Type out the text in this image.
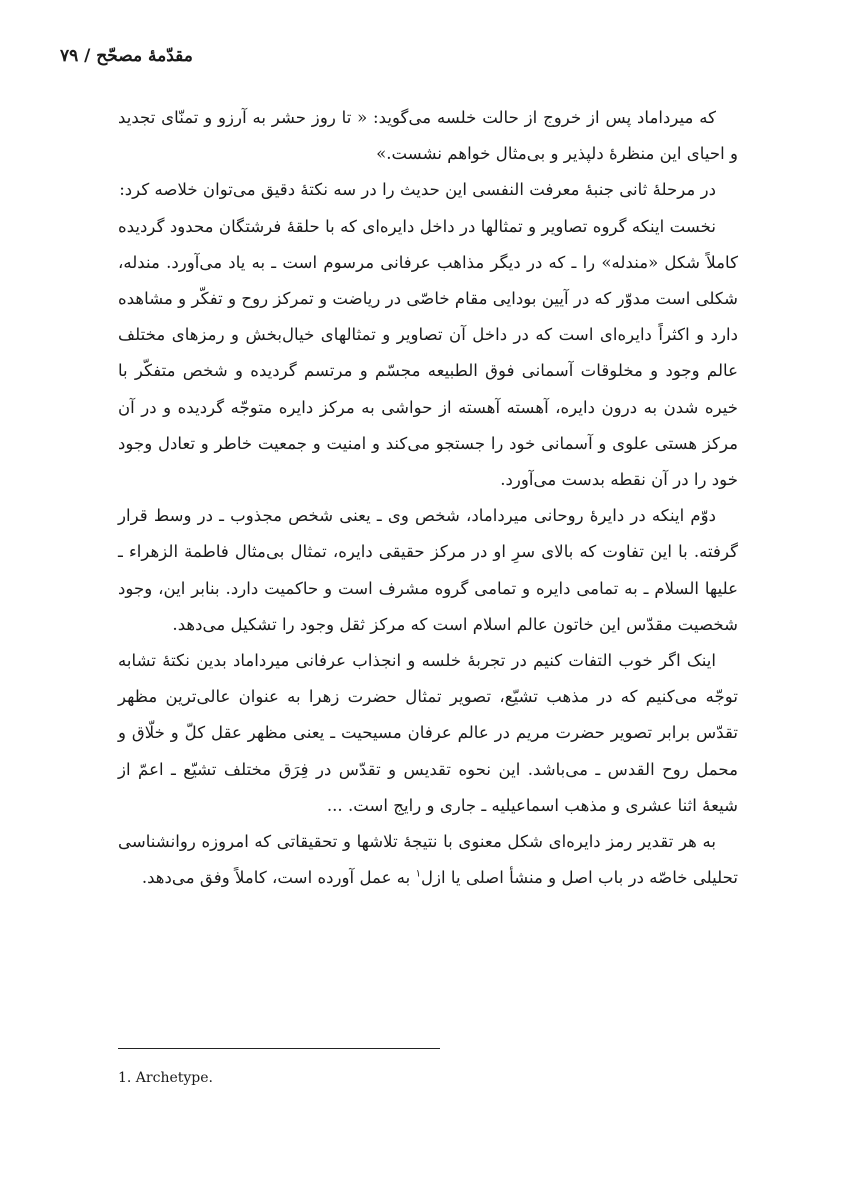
مقدّمهٔ مصحّح / ۷۹

که میرداماد پس از خروج از حالت خلسه می‌گوید: « تا روز حشر به آرزو و تمنّای تجدید و احیای این منظرهٔ دلپذیر و بی‌مثال خواهم نشست.»

در مرحلهٔ ثانی جنبهٔ معرفت النفسی این حدیث را در سه نکتهٔ دقیق می‌توان خلاصه کرد:

نخست اینکه گروه تصاویر و تمثالها در داخل دایره‌ای که با حلقهٔ فرشتگان محدود گردیده کاملاً شکل «مندله» را ـ که در دیگر مذاهب عرفانی مرسوم است ـ به یاد می‌آورد. مندله، شکلی است مدوّر که در آیین بودایی مقام خاصّی در ریاضت و تمرکز روح و تفکّر و مشاهده دارد و اکثراً دایره‌ای است که در داخل آن تصاویر و تمثالهای خیال‌بخش و رمزهای مختلف عالم وجود و مخلوقات آسمانی فوق الطبیعه مجسّم و مرتسم گردیده و شخص متفکّر با خیره شدن به درون دایره، آهسته آهسته از حواشی به مرکز دایره متوجّه گردیده و در آن مرکز هستی علوی و آسمانی خود را جستجو می‌کند و امنیت و جمعیت خاطر و تعادل وجود خود را در آن نقطه بدست می‌آورد.

دوّم اینکه در دایرهٔ روحانی میرداماد، شخص وی ـ یعنی شخص مجذوب ـ در وسط قرار گرفته. با این تفاوت که بالای سرِ او در مرکز حقیقی دایره، تمثال بی‌مثال فاطمة الزهراء ـ علیها السلام ـ به تمامی دایره و تمامی گروه مشرف است و حاکمیت دارد. بنابر این، وجود شخصیت مقدّس این خاتون عالم اسلام است که مرکز ثقل وجود را تشکیل می‌دهد.

اینک اگر خوب التفات کنیم در تجربهٔ خلسه و انجذاب عرفانی میرداماد بدین نکتهٔ تشابه توجّه می‌کنیم که در مذهب تشیّع، تصویر تمثال حضرت زهرا به عنوان عالی‌ترین مظهر تقدّس برابر تصویر حضرت مریم در عالم عرفان مسیحیت ـ یعنی مظهر عقل کلّ و خلّاق و محمل روح القدس ـ می‌باشد. این نحوه تقدیس و تقدّس در فِرَق مختلف تشیّع ـ اعمّ از شیعهٔ اثنا عشری و مذهب اسماعیلیه ـ جاری و رایج است. ...

به هر تقدیر رمز دایره‌ای شکل معنوی با نتیجهٔ تلاشها و تحقیقاتی که امروزه روانشناسی تحلیلی خاصّه در باب اصل و منشأ اصلی یا ازل$^۱$ به عمل آورده است، کاملاً وفق می‌دهد.

1. Archetype.
